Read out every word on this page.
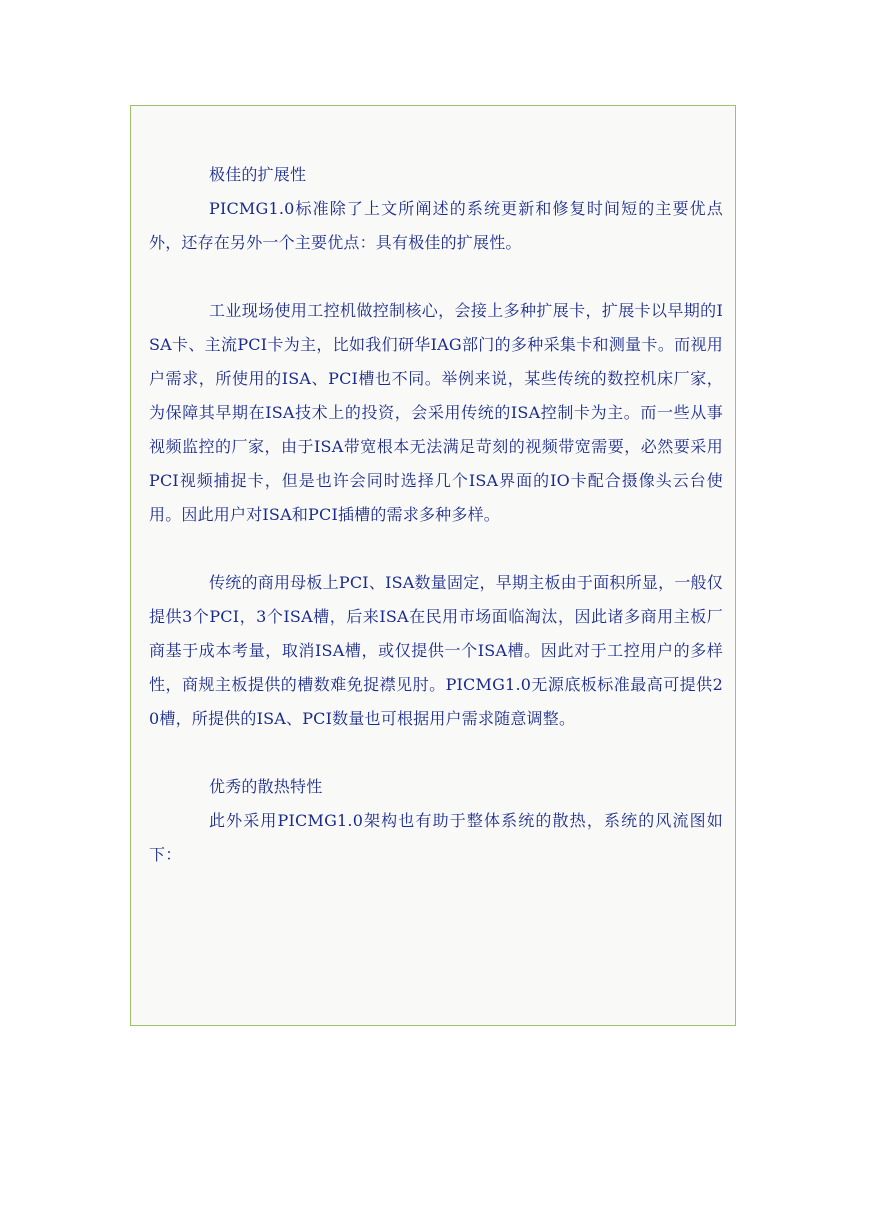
极佳的扩展性

PICMG1.0标准除了上文所阐述的系统更新和修复时间短的主要优点外，还存在另外一个主要优点：具有极佳的扩展性。

工业现场使用工控机做控制核心，会接上多种扩展卡，扩展卡以早期的ISA卡、主流PCI卡为主，比如我们研华IAG部门的多种采集卡和测量卡。而视用户需求，所使用的ISA、PCI槽也不同。举例来说，某些传统的数控机床厂家，为保障其早期在ISA技术上的投资，会采用传统的ISA控制卡为主。而一些从事视频监控的厂家，由于ISA带宽根本无法满足苛刻的视频带宽需要，必然要采用PCI视频捕捉卡，但是也许会同时选择几个ISA界面的IO卡配合摄像头云台使用。因此用户对ISA和PCI插槽的需求多种多样。

传统的商用母板上PCI、ISA数量固定，早期主板由于面积所显，一般仅提供3个PCI，3个ISA槽，后来ISA在民用市场面临淘汰，因此诸多商用主板厂商基于成本考量，取消ISA槽，或仅提供一个ISA槽。因此对于工控用户的多样性，商规主板提供的槽数难免捉襟见肘。PICMG1.0无源底板标准最高可提供20槽，所提供的ISA、PCI数量也可根据用户需求随意调整。

优秀的散热特性

此外采用PICMG1.0架构也有助于整体系统的散热，系统的风流图如下：
